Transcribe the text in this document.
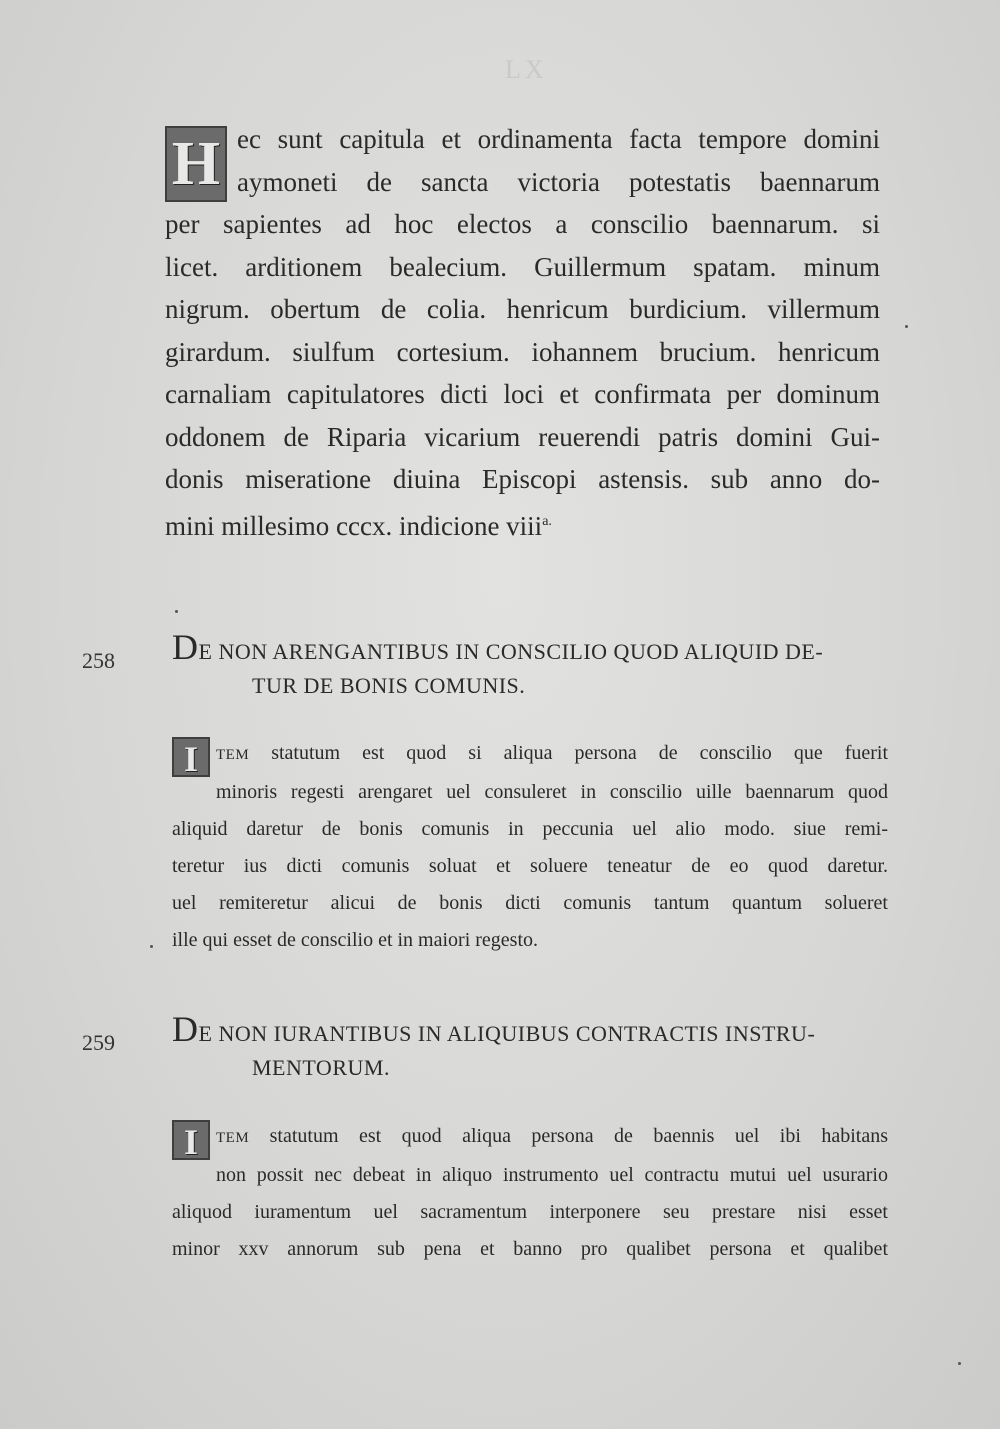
LX
H ec sunt capitula et ordinamenta facta tempore domini
aymoneti de sancta victoria potestatis baennarum
per sapientes ad hoc electos a conscilio baennarum. si
licet. arditionem bealecium. Guillermum spatam. minum
nigrum. obertum de colia. henricum burdicium. villermum
girardum. siulfum cortesium. iohannem brucium. henricum
carnaliam capitulatores dicti loci et confirmata per dominum
oddonem de Riparia vicarium reuerendi patris domini Gui-
donis miseratione diuina Episcopi astensis. sub anno do-
mini millesimo cccx. indicione viii$^{a.}$
258 DE NON ARENGANTIBUS IN CONSCILIO QUOD ALIQUID DE-
TUR DE BONIS COMUNIS.
I	TEM statutum est quod si aliqua persona de conscilio que fuerit
minoris regesti arengaret uel consuleret in conscilio uille baennarum quod
aliquid daretur de bonis comunis in peccunia uel alio modo. siue remi-
teretur ius dicti comunis soluat et soluere teneatur de eo quod daretur.
uel remiteretur alicui de bonis dicti comunis tantum quantum solueret
ille qui esset de conscilio et in maiori regesto.
259 DE NON IURANTIBUS IN ALIQUIBUS CONTRACTIS INSTRU-
MENTORUM.
I	TEM statutum est quod aliqua persona de baennis uel ibi habitans
non possit nec debeat in aliquo instrumento uel contractu mutui uel usurario
aliquod iuramentum uel sacramentum interponere seu prestare nisi esset
minor xxv annorum sub pena et banno pro qualibet persona et qualibet
